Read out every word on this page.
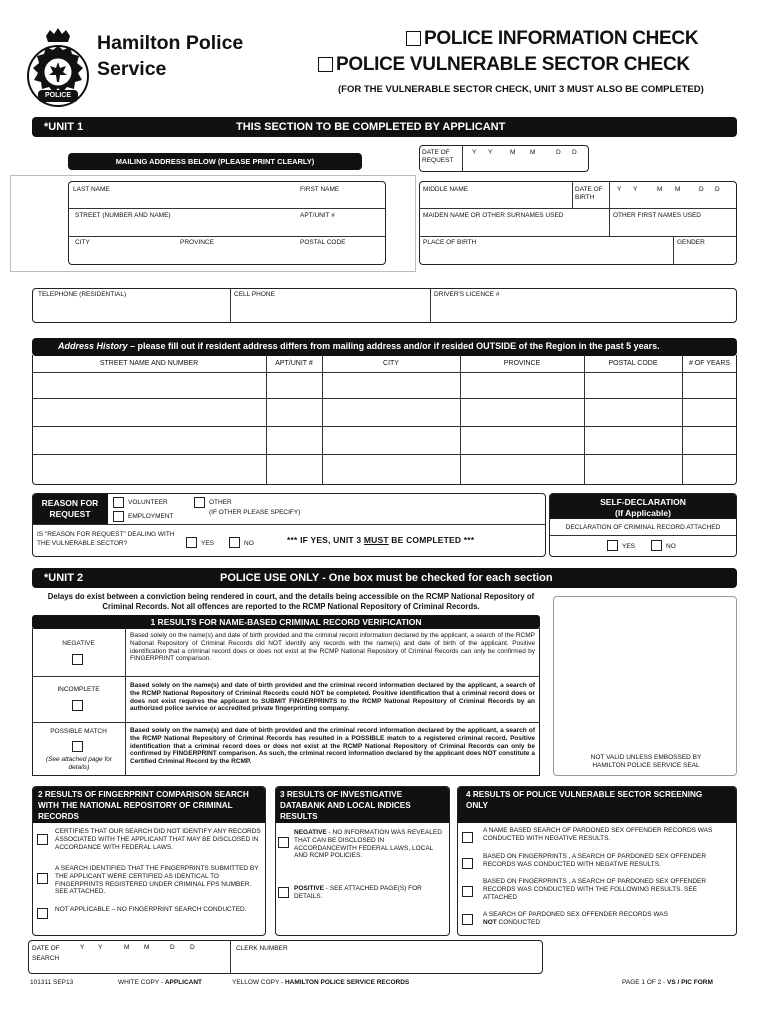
POLICE
Hamilton Police
Service
POLICE INFORMATION CHECK
POLICE VULNERABLE SECTOR CHECK
(FOR THE VULNERABLE SECTOR CHECK, UNIT 3 MUST ALSO BE COMPLETED)
*UNIT 1	THIS SECTION TO BE COMPLETED BY APPLICANT
MAILING ADDRESS BELOW (PLEASE PRINT CLEARLY)
DATE OF REQUEST
Y Y	M M	D D
LAST NAME	FIRST NAME
STREET (NUMBER AND NAME)	APT/UNIT #
CITY	PROVINCE	POSTAL CODE
MIDDLE NAME	DATE OF BIRTH
Y Y	M M	D D
MAIDEN NAME OR OTHER SURNAMES USED	OTHER FIRST NAMES USED
PLACE OF BIRTH	GENDER
TELEPHONE (RESIDENTIAL)	CELL PHONE	DRIVER'S LICENCE #
Address History – please fill out if resident address differs from mailing address and/or if resided OUTSIDE of the Region in the past 5 years.
STREET NAME AND NUMBER	APT/UNIT #	CITY	PROVINCE	POSTAL CODE	# OF YEARS
REASON FOR REQUEST
VOLUNTEER
EMPLOYMENT
OTHER
(IF OTHER PLEASE SPECIFY)
IS "REASON FOR REQUEST" DEALING WITH THE VULNERABLE SECTOR?	YES	NO	*** IF YES, UNIT 3 MUST BE COMPLETED ***
SELF-DECLARATION
(If Applicable)
DECLARATION OF CRIMINAL RECORD ATTACHED
YES	NO
*UNIT 2	POLICE USE ONLY - One box must be checked for each section
Delays do exist between a conviction being rendered in court, and the details being accessible on the RCMP National Repository of Criminal Records. Not all offences are reported to the RCMP National Repository of Criminal Records.
1 RESULTS FOR NAME-BASED CRIMINAL RECORD VERIFICATION
NEGATIVE
Based solely on the name(s) and date of birth provided and the criminal record information declared by the applicant, a search of the RCMP National Repository of Criminal Records did NOT identify any records with the name(s) and date of birth of the applicant. Positive identification that a criminal record does or does not exist at the RCMP National Repository of Criminal Records can only be confirmed by FINGERPRINT comparison.
INCOMPLETE
Based solely on the name(s) and date of birth provided and the criminal record information declared by the applicant, a search of the RCMP National Repository of Criminal Records could NOT be completed. Positive identification that a criminal record does or does not exist requires the applicant to SUBMIT FINGERPRINTS to the RCMP National Repository of Criminal Records by an authorized police service or accredited private fingerprinting company.
POSSIBLE MATCH
(See attached page for details)
Based solely on the name(s) and date of birth provided and the criminal record information declared by the applicant, a search of the RCMP National Repository of Criminal Records has resulted in a POSSIBLE match to a registered criminal record. Positive identification that a criminal record does or does not exist at the RCMP National Repository of Criminal Records can only be confirmed by FINGERPRINT comparison. As such, the criminal record information declared by the applicant does NOT constitute a Certified Criminal Record by the RCMP.
NOT VALID UNLESS EMBOSSED BY HAMILTON POLICE SERVICE SEAL
2 RESULTS OF FINGERPRINT COMPARISON SEARCH WITH THE NATIONAL REPOSITORY OF CRIMINAL RECORDS
CERTIFIES THAT OUR SEARCH DID NOT IDENTIFY ANY RECORDS ASSOCIATED WITH THE APPLICANT THAT MAY BE DISCLOSED IN ACCORDANCE WITH FEDERAL LAWS.
A SEARCH IDENTIFIED THAT THE FINGERPRINTS SUBMITTED BY THE APPLICANT WERE CERTIFIED AS IDENTICAL TO FINGERPRINTS REGISTERED UNDER CRIMINAL FPS NUMBER. SEE ATTACHED.
NOT APPLICABLE – NO FINGERPRINT SEARCH CONDUCTED.
3 RESULTS OF INVESTIGATIVE DATABANK AND LOCAL INDICES RESULTS
NEGATIVE - NO INFORMATION WAS REVEALED THAT CAN BE DISCLOSED IN ACCORDANCEWITH FEDERAL LAWS, LOCAL AND RCMP POLICIES.
POSITIVE - SEE ATTACHED PAGE(S) FOR DETAILS.
4 RESULTS OF POLICE VULNERABLE SECTOR SCREENING ONLY
A NAME BASED SEARCH OF PARDONED SEX OFFENDER RECORDS WAS CONDUCTED WITH NEGATIVE RESULTS.
BASED ON FINGERPRINTS , A SEARCH OF PARDONED SEX OFFENDER RECORDS WAS CONDUCTED WITH NEGATIVE RESULTS.
BASED ON FINGERPRINTS , A SEARCH OF PARDONED SEX OFFENDER RECORDS WAS CONDUCTED WITH THE FOLLOWING RESULTS. SEE ATTACHED
A SEARCH OF PARDONED SEX OFFENDER RECORDS WAS
NOT CONDUCTED
DATE OF SEARCH
Y Y	M M	D D	CLERK NUMBER
101311 SEP13	WHITE COPY - APPLICANT	YELLOW COPY - HAMILTON POLICE SERVICE RECORDS	PAGE 1 OF 2 - VS / PIC FORM
